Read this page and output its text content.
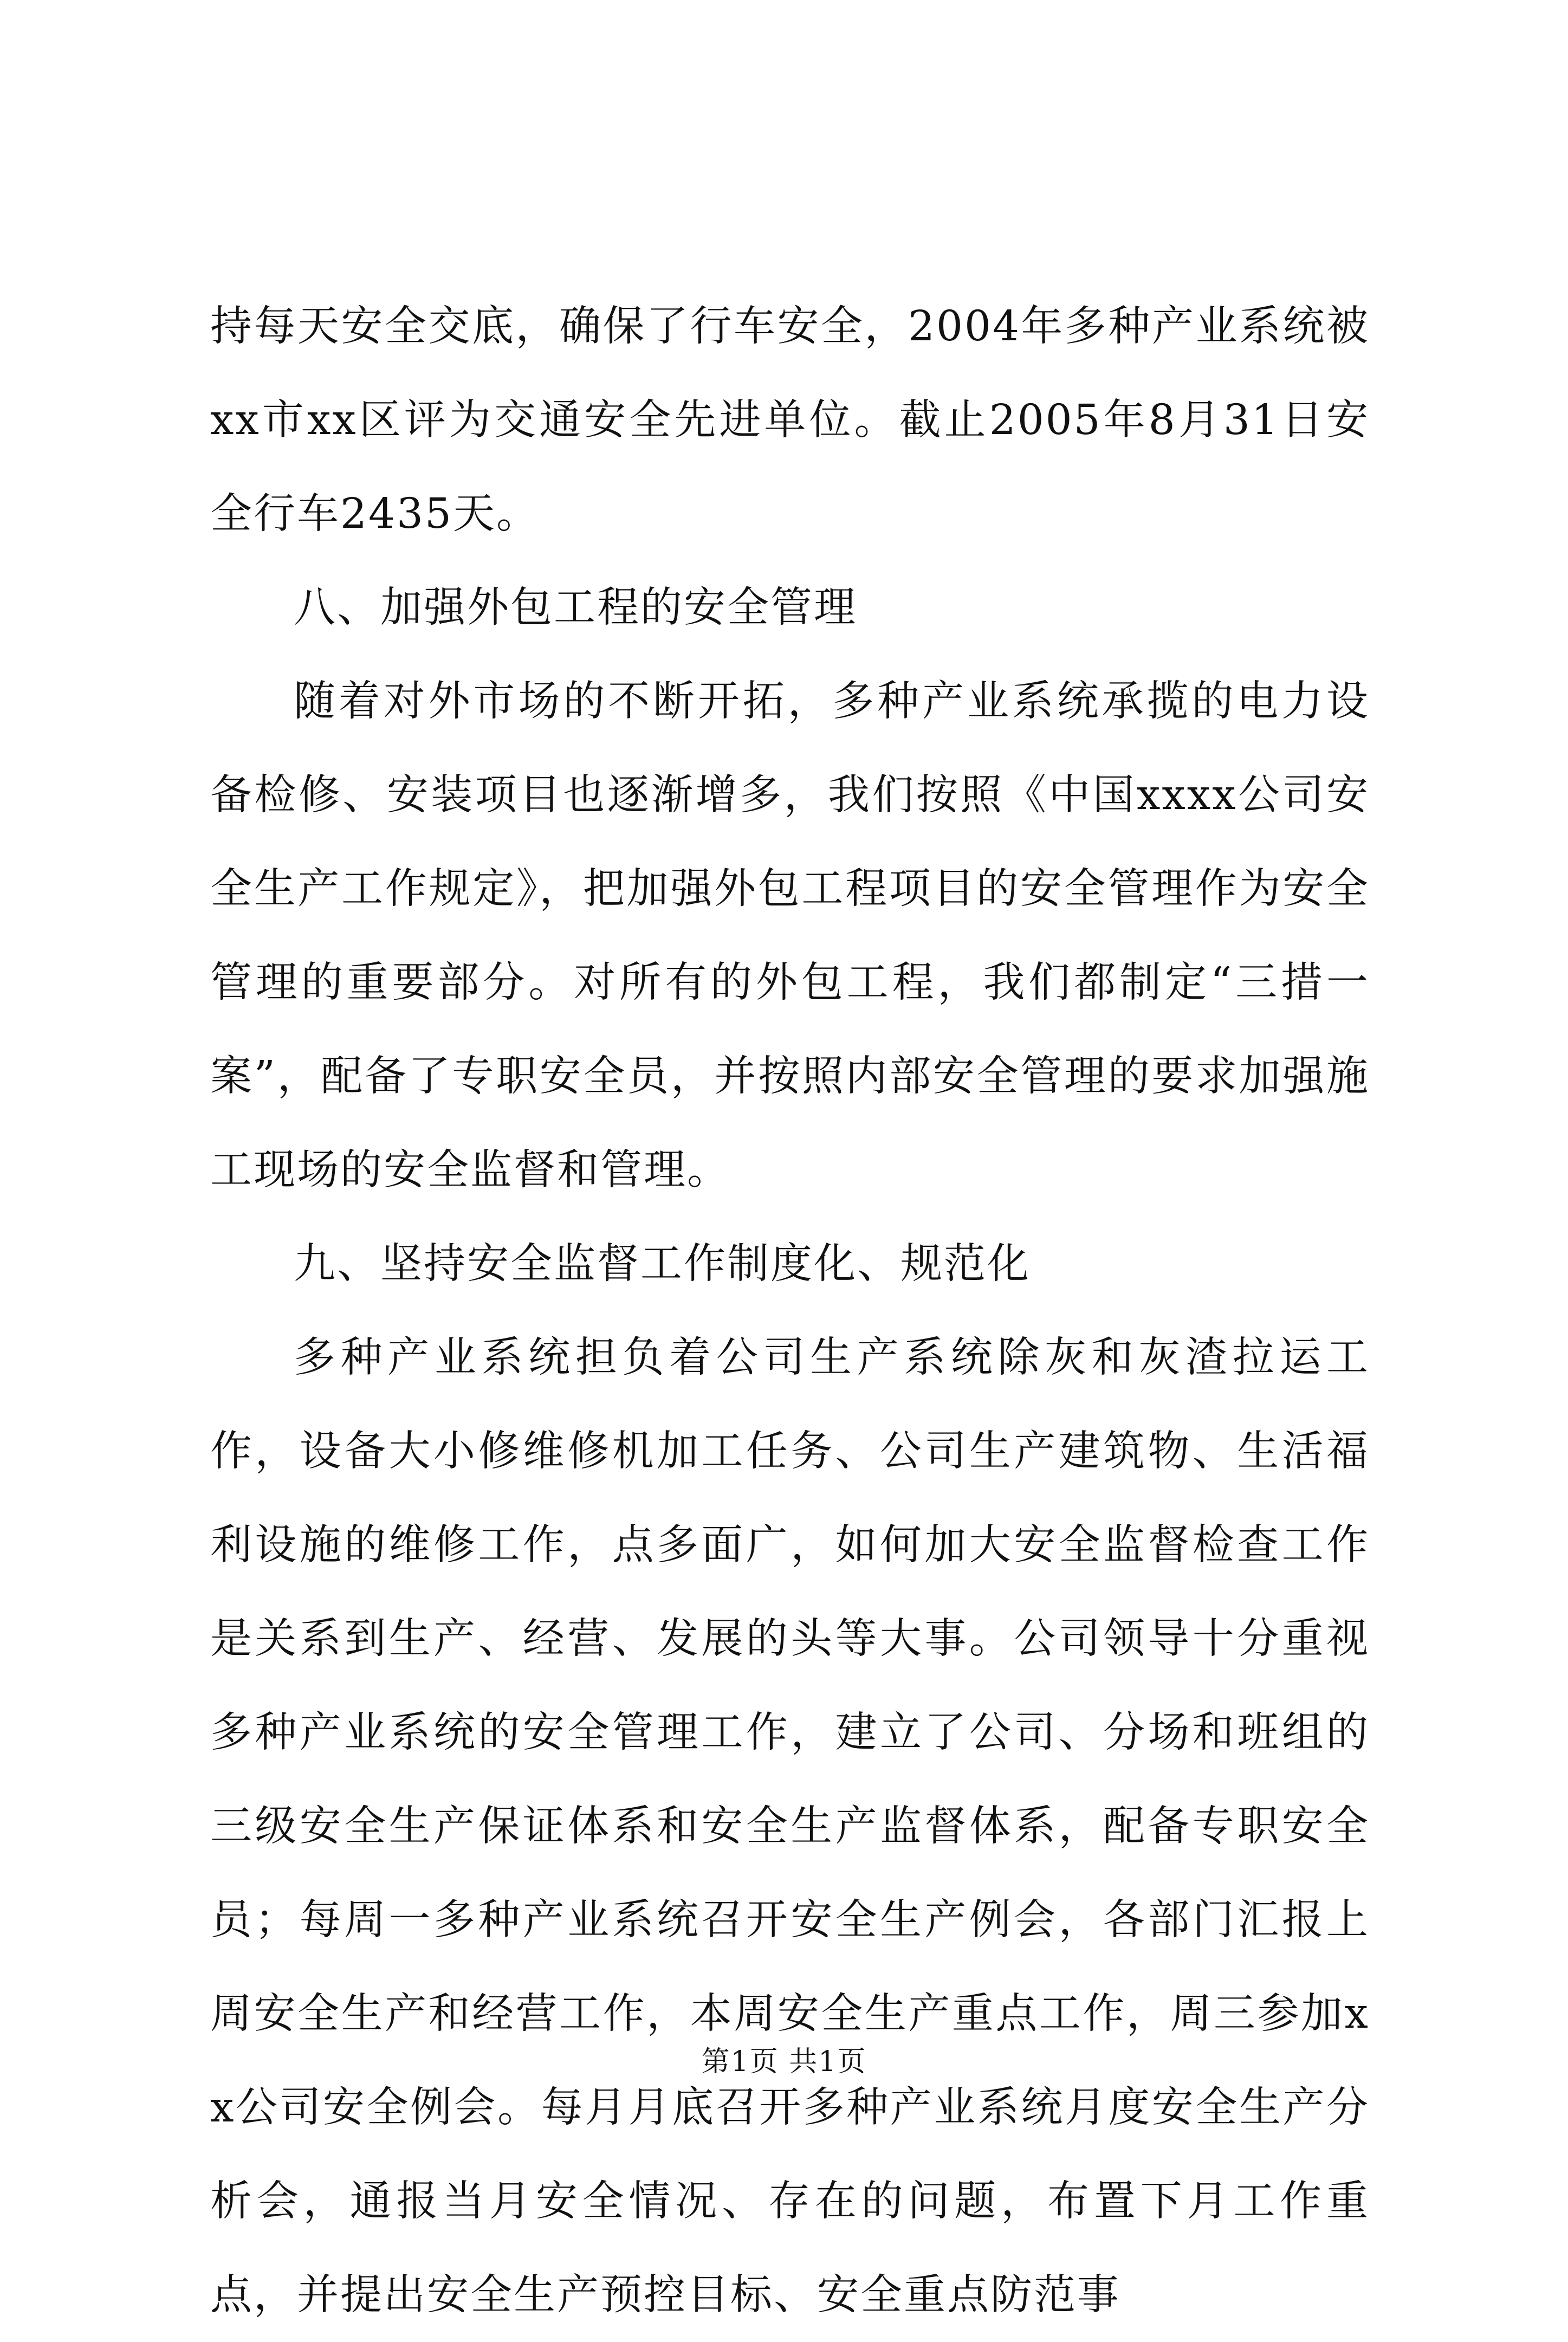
持每天安全交底，确保了行车安全，2004年多种产业系统被xx市xx区评为交通安全先进单位。截止2005年8月31日安全行车2435天。

八、加强外包工程的安全管理

随着对外市场的不断开拓，多种产业系统承揽的电力设备检修、安装项目也逐渐增多，我们按照《中国xxxx公司安全生产工作规定》，把加强外包工程项目的安全管理作为安全管理的重要部分。对所有的外包工程，我们都制定“三措一案”，配备了专职安全员，并按照内部安全管理的要求加强施工现场的安全监督和管理。

九、坚持安全监督工作制度化、规范化

多种产业系统担负着公司生产系统除灰和灰渣拉运工作，设备大小修维修机加工任务、公司生产建筑物、生活福利设施的维修工作，点多面广，如何加大安全监督检查工作是关系到生产、经营、发展的头等大事。公司领导十分重视多种产业系统的安全管理工作，建立了公司、分场和班组的三级安全生产保证体系和安全生产监督体系，配备专职安全员；每周一多种产业系统召开安全生产例会，各部门汇报上周安全生产和经营工作，本周安全生产重点工作，周三参加xx公司安全例会。每月月底召开多种产业系统月度安全生产分析会，通报当月安全情况、存在的问题，布置下月工作重点，并提出安全生产预控目标、安全重点防范事

第1页 共1页
